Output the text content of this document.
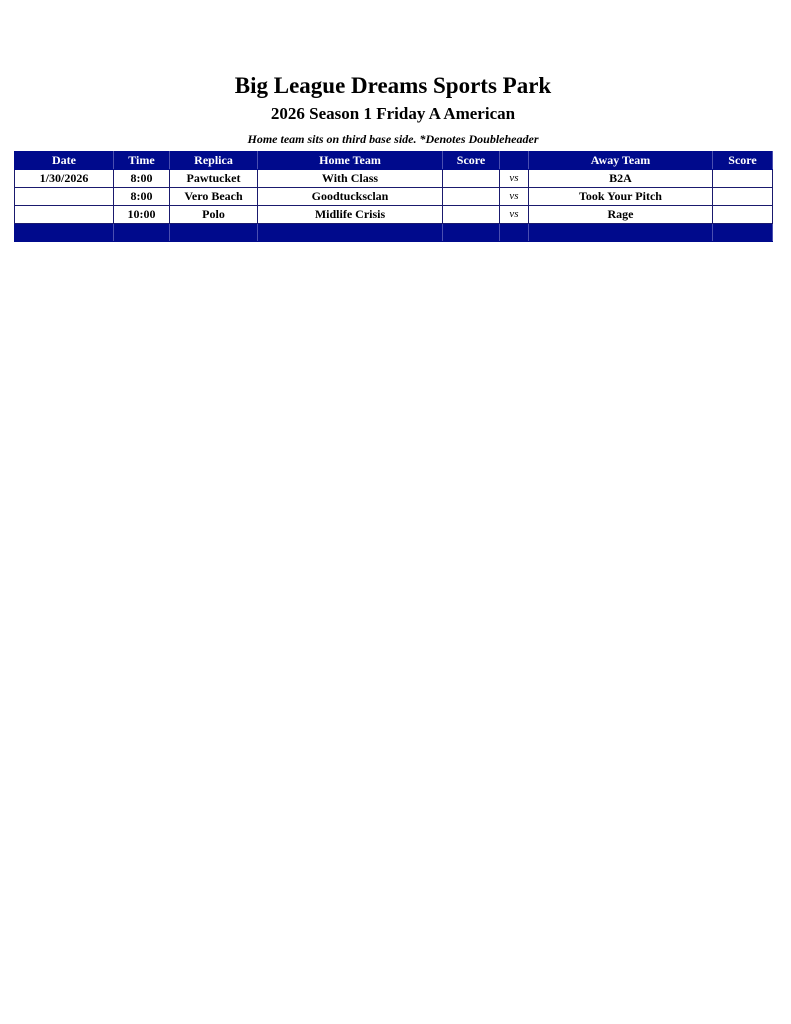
Big League Dreams Sports Park
2026 Season 1 Friday A American
Home team sits on third base side. *Denotes Doubleheader
Date	Time	Replica	Home Team	Score		Away Team	Score
1/30/2026	8:00	Pawtucket	With Class		vs	B2A	
	8:00	Vero Beach	Goodtucksclan		vs	Took Your Pitch	
	10:00	Polo	Midlife Crisis		vs	Rage	
